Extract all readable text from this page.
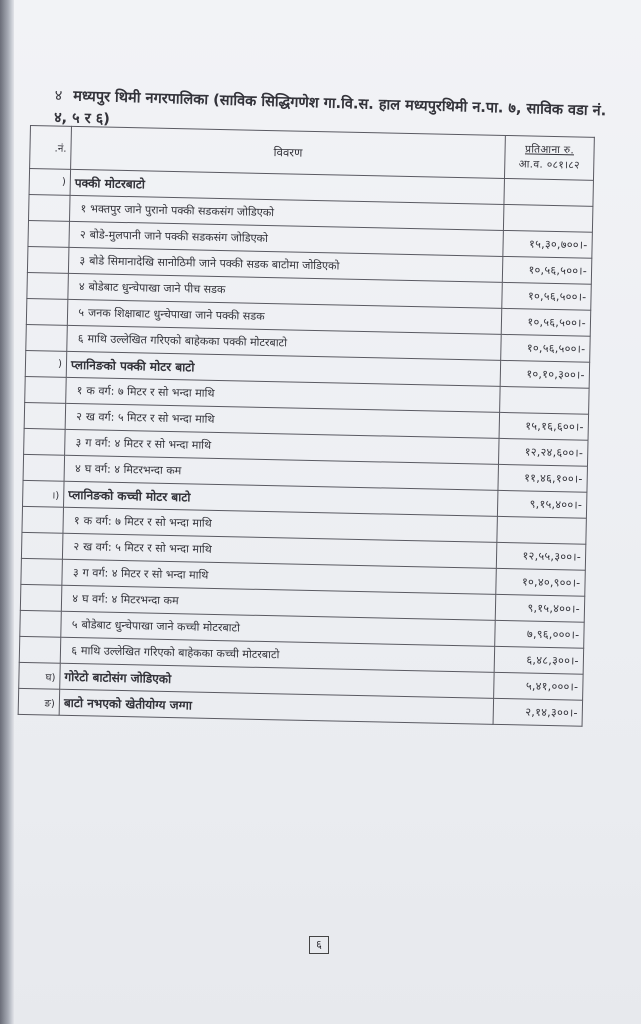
४ मध्यपुर थिमी नगरपालिका (साविक सिद्धिगणेश गा.वि.स. हाल मध्यपुरथिमी न.पा. ७, साविक वडा नं. ४, ५ र ६)
.नं.	विवरण	प्रतिआना रु.
आ.व. ०८१।८२
)	पक्की मोटरबाटो	
	१ भक्तपुर जाने पुरानो पक्की सडकसंग जोडिएको	
	२ बोडे-मुलपानी जाने पक्की सडकसंग जोडिएको	१५,३०,७००।-
	३ बोडे सिमानादेखि सानोठिमी जाने पक्की सडक बाटोमा जोडिएको	१०,५६,५००।-
	४ बोडेबाट धुन्चेपाखा जाने पीच सडक	१०,५६,५००।-
	५ जनक शिक्षाबाट धुन्चेपाखा जाने पक्की सडक	१०,५६,५००।-
	६ माथि उल्लेखित गरिएको बाहेकका पक्की मोटरबाटो	१०,५६,५००।-
)	प्लानिङको पक्की मोटर बाटो	१०,१०,३००।-
	१ क वर्ग: ७ मिटर र सो भन्दा माथि	
	२ ख वर्ग: ५ मिटर र सो भन्दा माथि	१५,१६,६००।-
	३ ग वर्ग: ४ मिटर र सो भन्दा माथि	१२,२४,६००।-
	४ घ वर्ग: ४ मिटरभन्दा कम	११,४६,१००।-
।)	प्लानिङको कच्ची मोटर बाटो	९,१५,४००।-
	१ क वर्ग: ७ मिटर र सो भन्दा माथि	
	२ ख वर्ग: ५ मिटर र सो भन्दा माथि	१२,५५,३००।-
	३ ग वर्ग: ४ मिटर र सो भन्दा माथि	१०,४०,९००।-
	४ घ वर्ग: ४ मिटरभन्दा कम	९,१५,४००।-
	५ बोडेबाट धुन्चेपाखा जाने कच्ची मोटरबाटो	७,९६,०००।-
	६ माथि उल्लेखित गरिएको बाहेकका कच्ची मोटरबाटो	६,४८,३००।-
घ)	गोरेटो बाटोसंग जोडिएको	५,४१,०००।-
ङ)	बाटो नभएको खेतीयोग्य जग्गा	२,१४,३००।-
६
